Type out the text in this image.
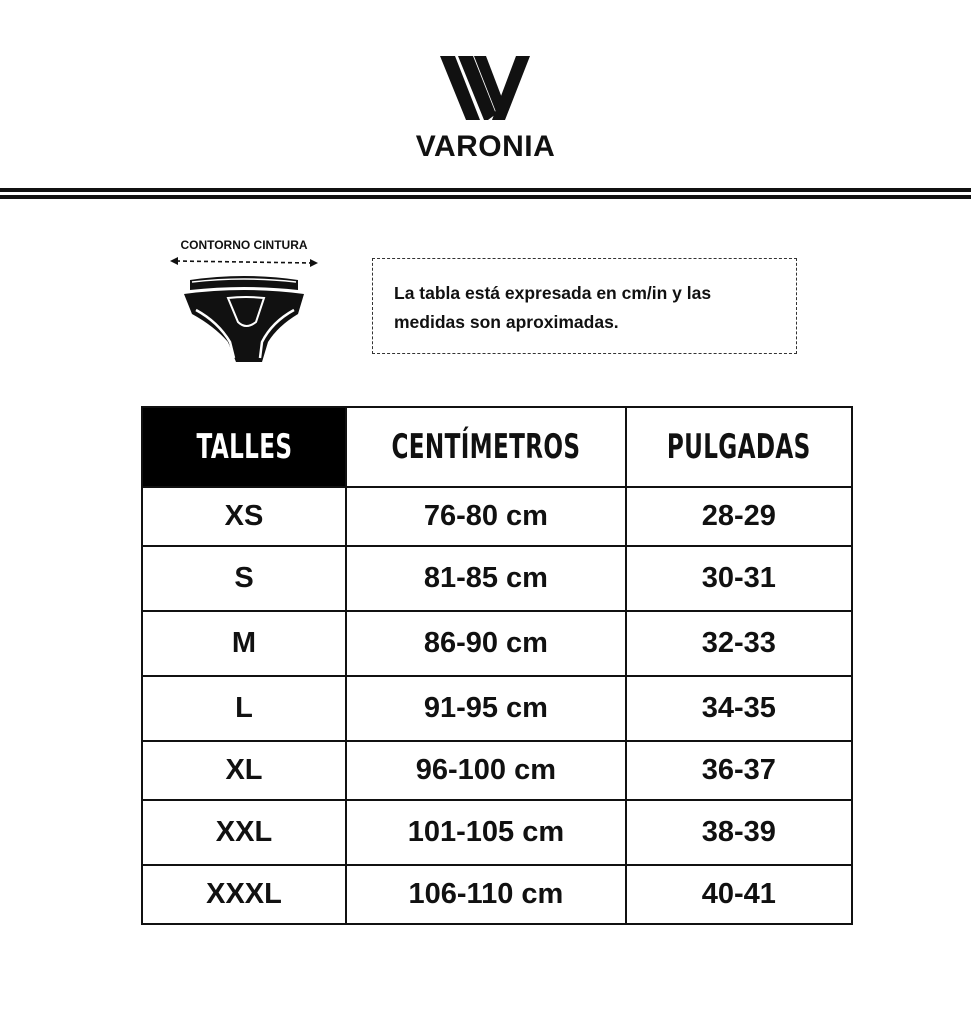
VARONIA
CONTORNO CINTURA
La tabla está expresada en cm/in y las medidas son aproximadas.
TALLES	CENTÍMETROS	PULGADAS
XS	76-80 cm	28-29
S	81-85 cm	30-31
M	86-90 cm	32-33
L	91-95 cm	34-35
XL	96-100 cm	36-37
XXL	101-105 cm	38-39
XXXL	106-110 cm	40-41
